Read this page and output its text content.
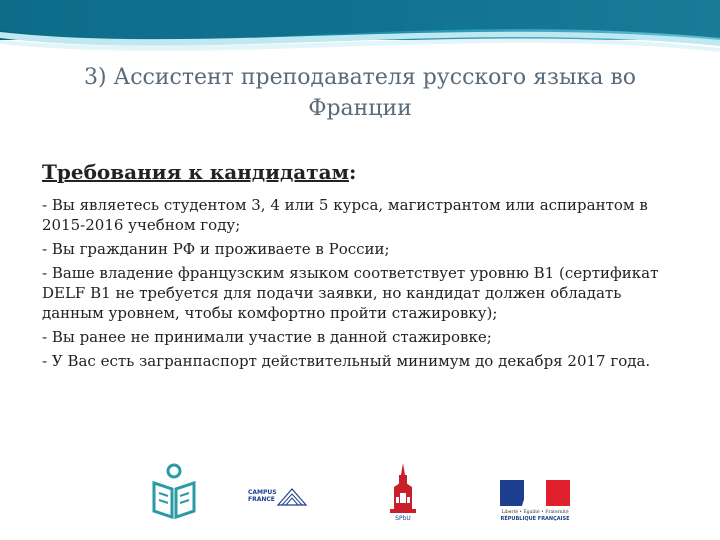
3) Ассистент преподавателя русского языка во
Франции
Требования к кандидатам:
- Вы являетесь студентом 3, 4 или 5 курса, магистрантом или аспирантом в 2015-2016 учебном году;
- Вы гражданин РФ и проживаете в России;
- Ваше владение французским языком соответствует уровню B1 (сертификат DELF B1 не требуется для подачи заявки, но кандидат должен обладать данным уровнем, чтобы комфортно пройти стажировку);
- Вы ранее не принимали участие в данной стажировке;
- У Вас есть загранпаспорт действительный минимум до декабря 2017 года.
CAMPUS FRANCE
SPbU
Liberté • Égalité • Fraternité
RÉPUBLIQUE FRANÇAISE
